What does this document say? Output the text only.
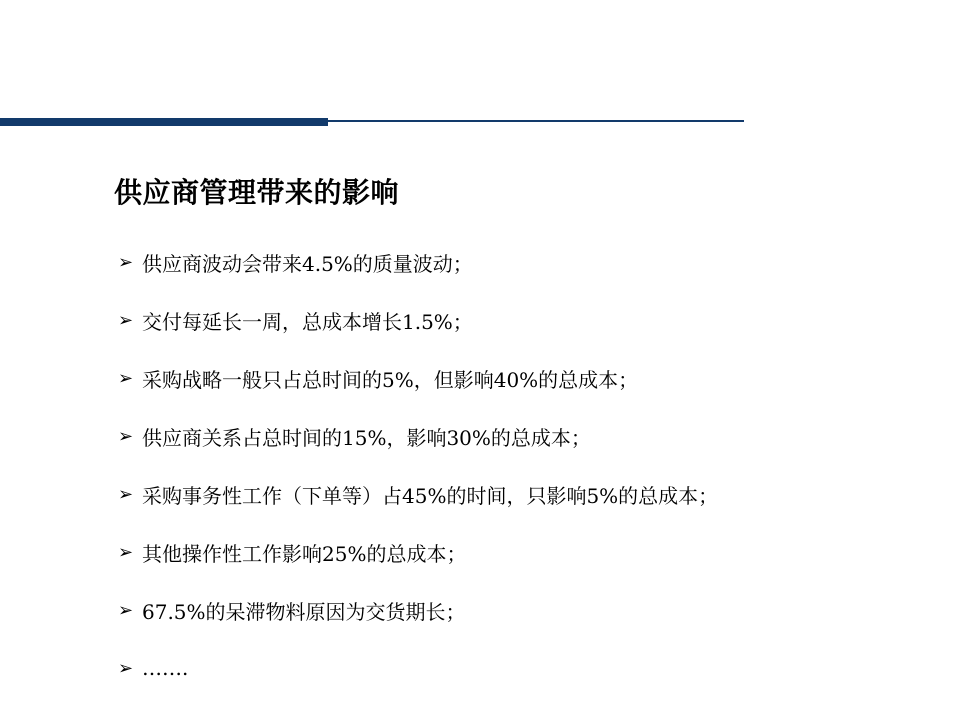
供应商管理带来的影响
➢ 供应商波动会带来4.5%的质量波动；
➢ 交付每延长一周，总成本增长1.5%；
➢ 采购战略一般只占总时间的5%，但影响40%的总成本；
➢ 供应商关系占总时间的15%，影响30%的总成本；
➢ 采购事务性工作（下单等）占45%的时间，只影响5%的总成本；
➢ 其他操作性工作影响25%的总成本；
➢ 67.5%的呆滞物料原因为交货期长；
➢ …….
